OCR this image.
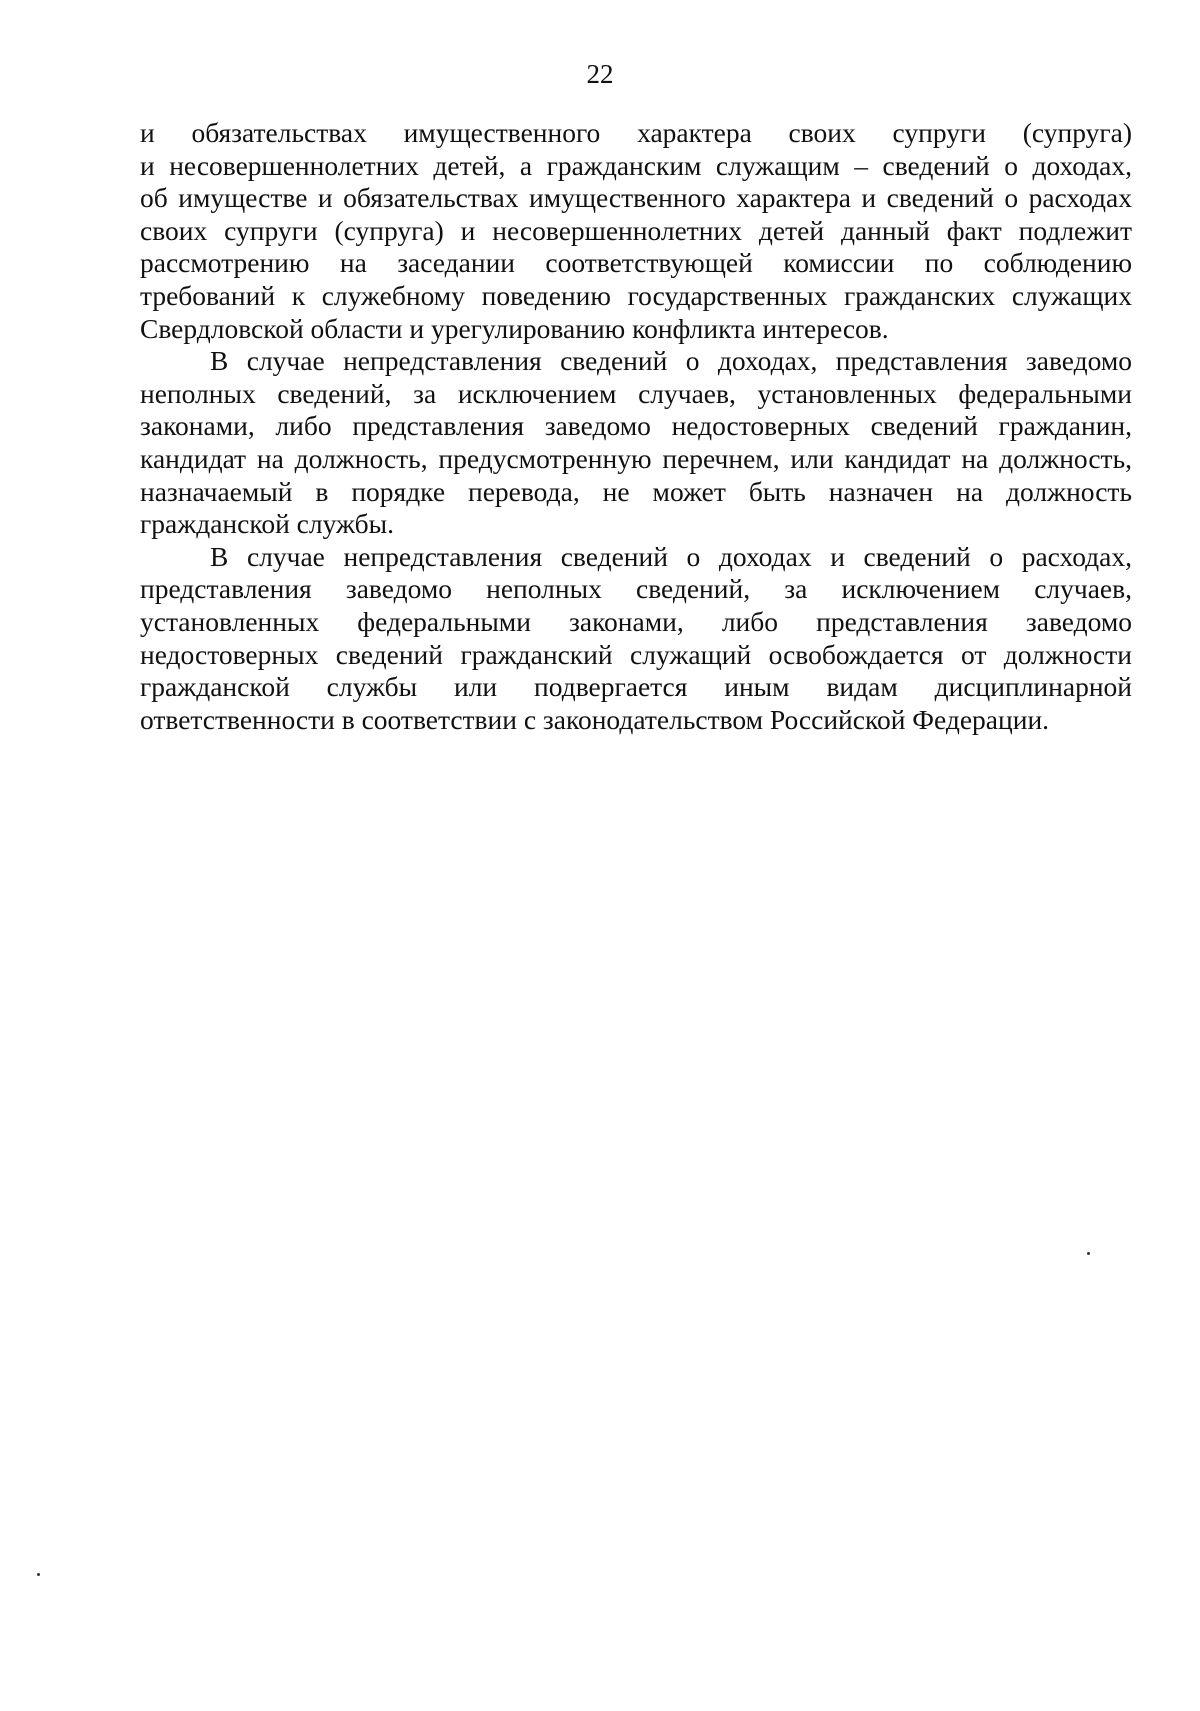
22
и обязательствах имущественного характера своих супруги (супруга)
и несовершеннолетних детей, а гражданским служащим – сведений о доходах,
об имуществе и обязательствах имущественного характера и сведений о расходах
своих супруги (супруга) и несовершеннолетних детей данный факт подлежит
рассмотрению на заседании соответствующей комиссии по соблюдению
требований к служебному поведению государственных гражданских служащих
Свердловской области и урегулированию конфликта интересов.
В случае непредставления сведений о доходах, представления заведомо
неполных сведений, за исключением случаев, установленных федеральными
законами, либо представления заведомо недостоверных сведений гражданин,
кандидат на должность, предусмотренную перечнем, или кандидат на должность,
назначаемый в порядке перевода, не может быть назначен на должность
гражданской службы.
В случае непредставления сведений о доходах и сведений о расходах,
представления заведомо неполных сведений, за исключением случаев,
установленных федеральными законами, либо представления заведомо
недостоверных сведений гражданский служащий освобождается от должности
гражданской службы или подвергается иным видам дисциплинарной
ответственности в соответствии с законодательством Российской Федерации.
